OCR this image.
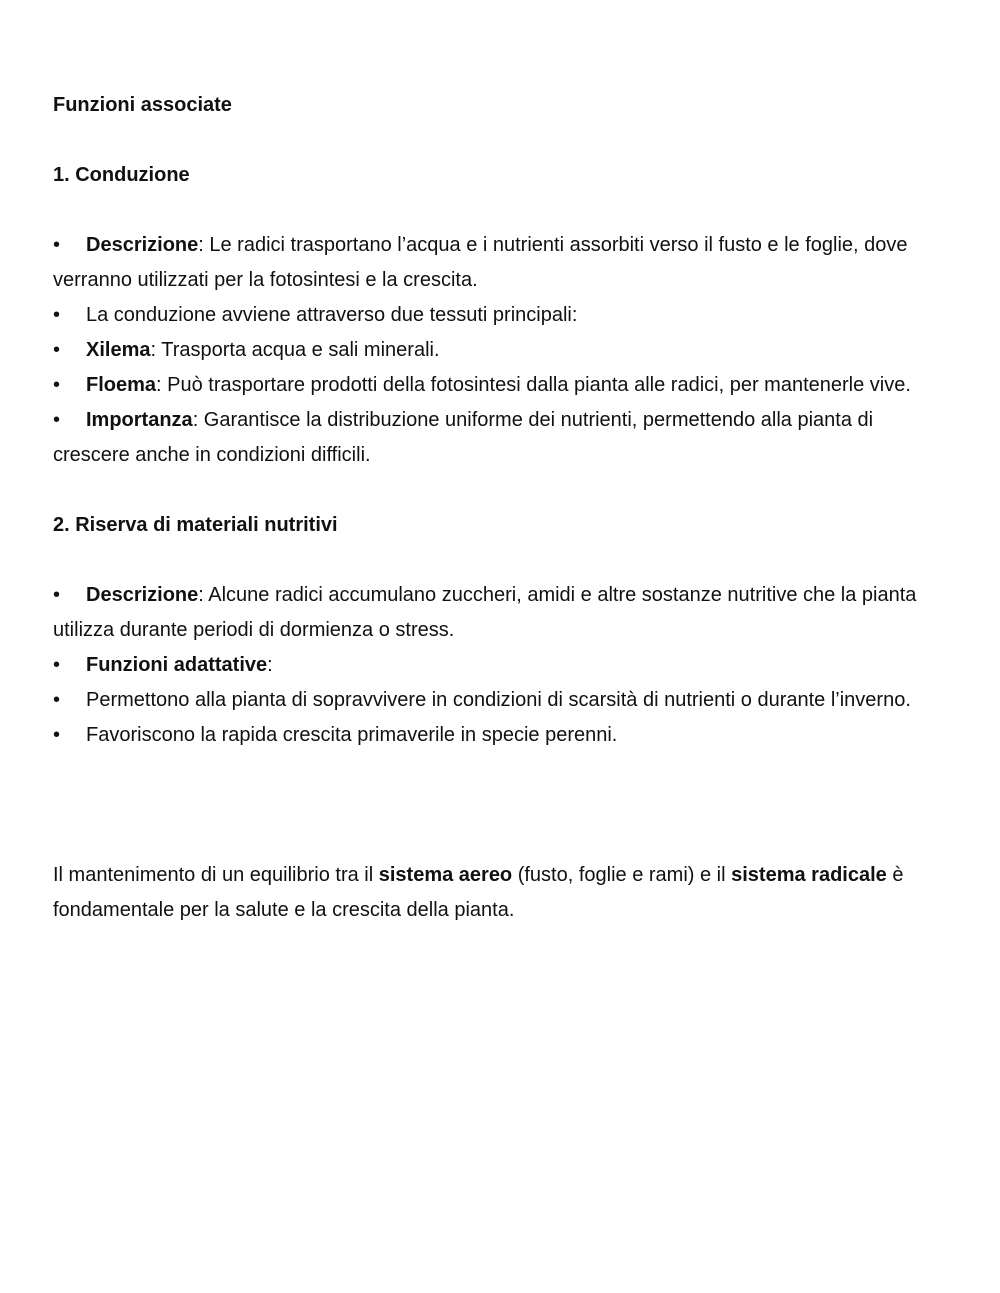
Funzioni associate

1. Conduzione

• Descrizione: Le radici trasportano l’acqua e i nutrienti assorbiti verso il fusto e le foglie, dove verranno utilizzati per la fotosintesi e la crescita.

• La conduzione avviene attraverso due tessuti principali:

• Xilema: Trasporta acqua e sali minerali.

• Floema: Può trasportare prodotti della fotosintesi dalla pianta alle radici, per mantenerle vive.

• Importanza: Garantisce la distribuzione uniforme dei nutrienti, permettendo alla pianta di crescere anche in condizioni difficili.

2. Riserva di materiali nutritivi

• Descrizione: Alcune radici accumulano zuccheri, amidi e altre sostanze nutritive che la pianta utilizza durante periodi di dormienza o stress.

• Funzioni adattative:

• Permettono alla pianta di sopravvivere in condizioni di scarsità di nutrienti o durante l’inverno.

• Favoriscono la rapida crescita primaverile in specie perenni.

Il mantenimento di un equilibrio tra il sistema aereo (fusto, foglie e rami) e il sistema radicale è fondamentale per la salute e la crescita della pianta.
